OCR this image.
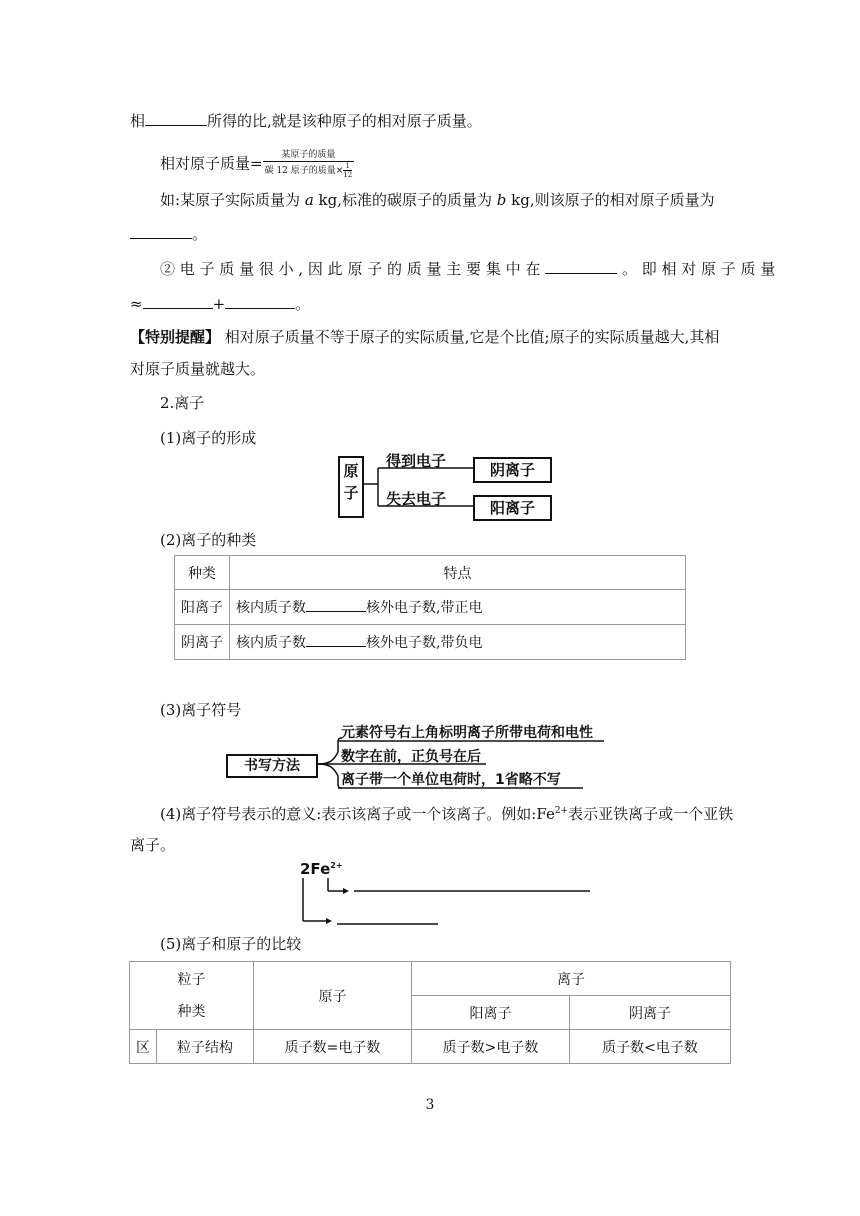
相	所得的比,就是该种原子的相对原子质量。
相对原子质量= $\frac{\text{某原子的质量}}{碳 12 原子的质量\times \frac{1}{12}}$
如:某原子实际质量为 a kg,标准的碳原子的质量为 b kg,则该原子的相对原子质量为
。
② 电 子 质 量 很 小 , 因 此 原 子 的 质 量 主 要 集 中 在	。 即 相 对 原 子 质 量
≈	+	。
【特别提醒】 相对原子质量不等于原子的实际质量,它是个比值;原子的实际质量越大,其相
对原子质量就越大。
2.离子
(1)离子的形成
原子
得到电子
失去电子
阴离子
阳离子
(2)离子的种类
种类	特点
阳离子	核内质子数 核外电子数,带正电
阴离子	核内质子数 核外电子数,带负电
(3)离子符号
书写方法
元素符号右上角标明离子所带电荷和电性
数字在前，正负号在后
离子带一个单位电荷时，1省略不写
(4)离子符号表示的意义:表示该离子或一个该离子。例如$:Fe^{2+}$表示亚铁离子或一个亚铁
离子。
$2Fe^{2+}$
(5)离子和原子的比较
粒子
种类		原子	离子	
			阳离子	阴离子
区	粒子结构	质子数=电子数	质子数>电子数	质子数<电子数
3
